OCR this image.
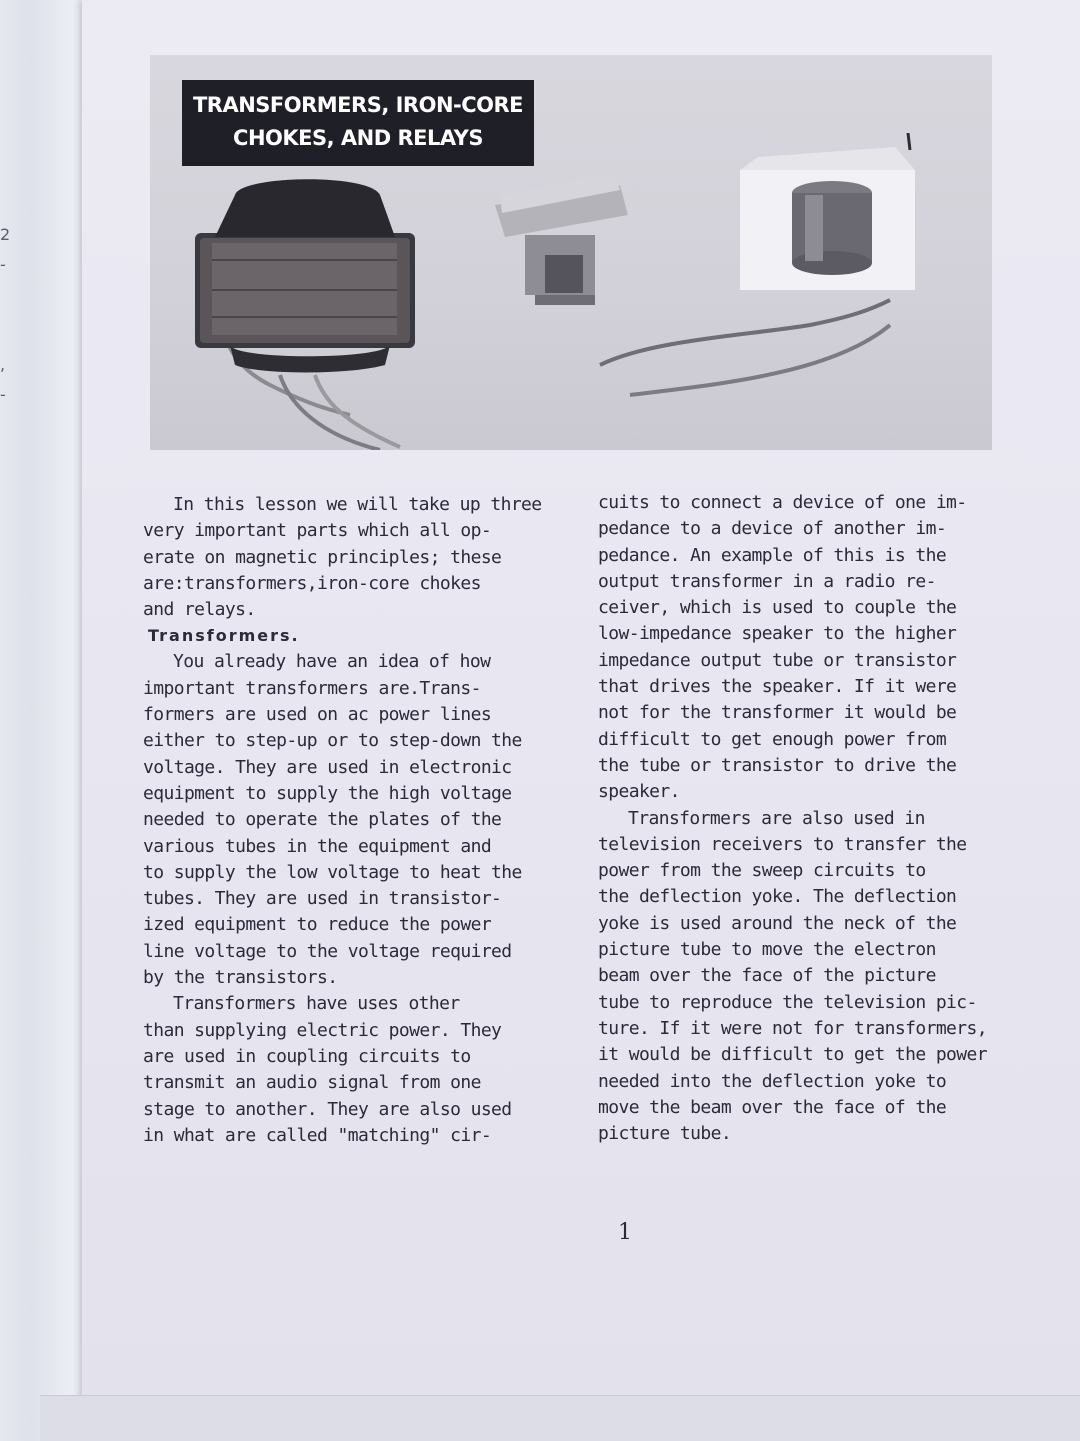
2
-
,
-
TRANSFORMERS, IRON-CORE
CHOKES, AND RELAYS

In this lesson we will take up three
very important parts which all op-
erate on magnetic principles; these
are:transformers,iron-core chokes
and relays.

Transformers.

You already have an idea of how
important transformers are.Trans-
formers are used on ac power lines
either to step-up or to step-down the
voltage. They are used in electronic
equipment to supply the high voltage
needed to operate the plates of the
various tubes in the equipment and
to supply the low voltage to heat the
tubes. They are used in transistor-
ized equipment to reduce the power
line voltage to the voltage required
by the transistors.

Transformers have uses other
than supplying electric power. They
are used in coupling circuits to
transmit an audio signal from one
stage to another. They are also used
in what are called "matching" cir-

cuits to connect a device of one im-
pedance to a device of another im-
pedance. An example of this is the
output transformer in a radio re-
ceiver, which is used to couple the
low-impedance speaker to the higher
impedance output tube or transistor
that drives the speaker. If it were
not for the transformer it would be
difficult to get enough power from
the tube or transistor to drive the
speaker.

Transformers are also used in
television receivers to transfer the
power from the sweep circuits to
the deflection yoke. The deflection
yoke is used around the neck of the
picture tube to move the electron
beam over the face of the picture
tube to reproduce the television pic-
ture. If it were not for transformers,
it would be difficult to get the power
needed into the deflection yoke to
move the beam over the face of the
picture tube.

1
